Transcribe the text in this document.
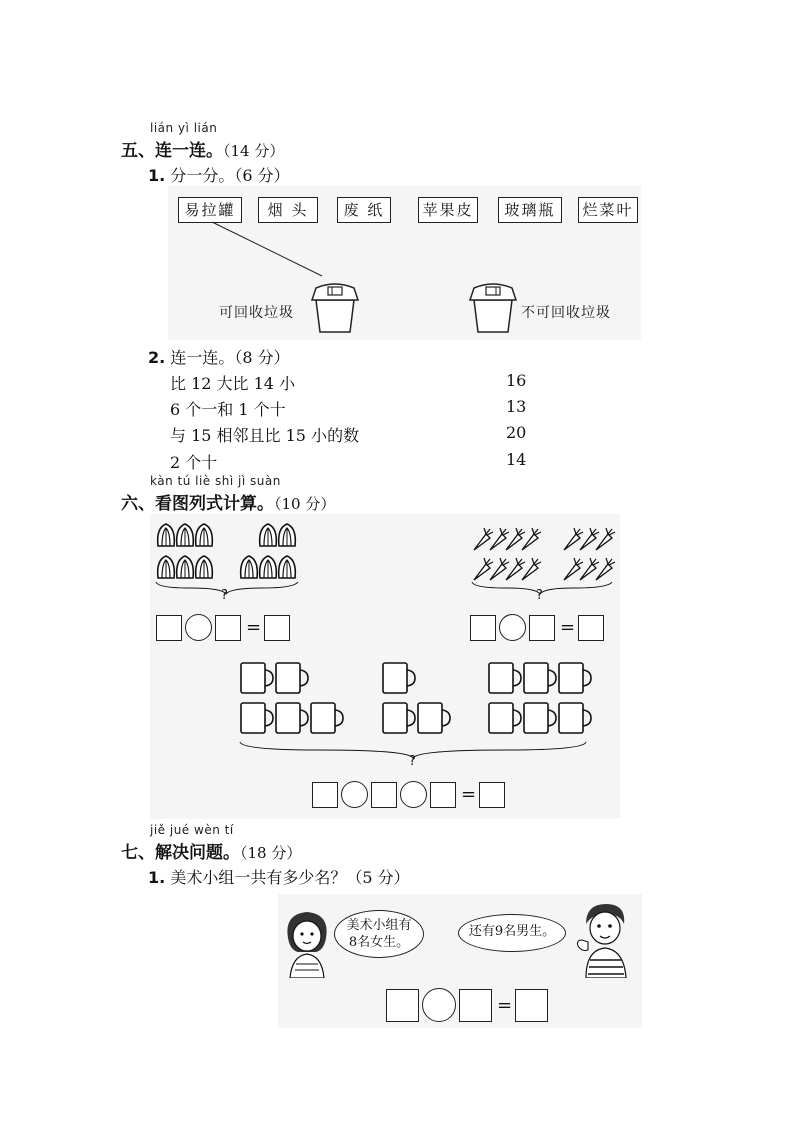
lián yì lián
五、连一连。（14 分）
1. 分一分。（6 分）
易拉罐	烟 头	废 纸	苹果皮	玻璃瓶	烂菜叶
可回收垃圾	不可回收垃圾
2. 连一连。（8 分）
比 12 大比 14 小
6 个一和 1 个十
与 15 相邻且比 15 小的数
2 个十
16
13
20
14
kàn tú liè shì jì suàn
六、看图列式计算。（10 分）
?	?
?
=	=
=
jiě jué wèn tí
七、解决问题。（18 分）
1. 美术小组一共有多少名？（5 分）
美术小组有
8名女生。
还有9名男生。
=
